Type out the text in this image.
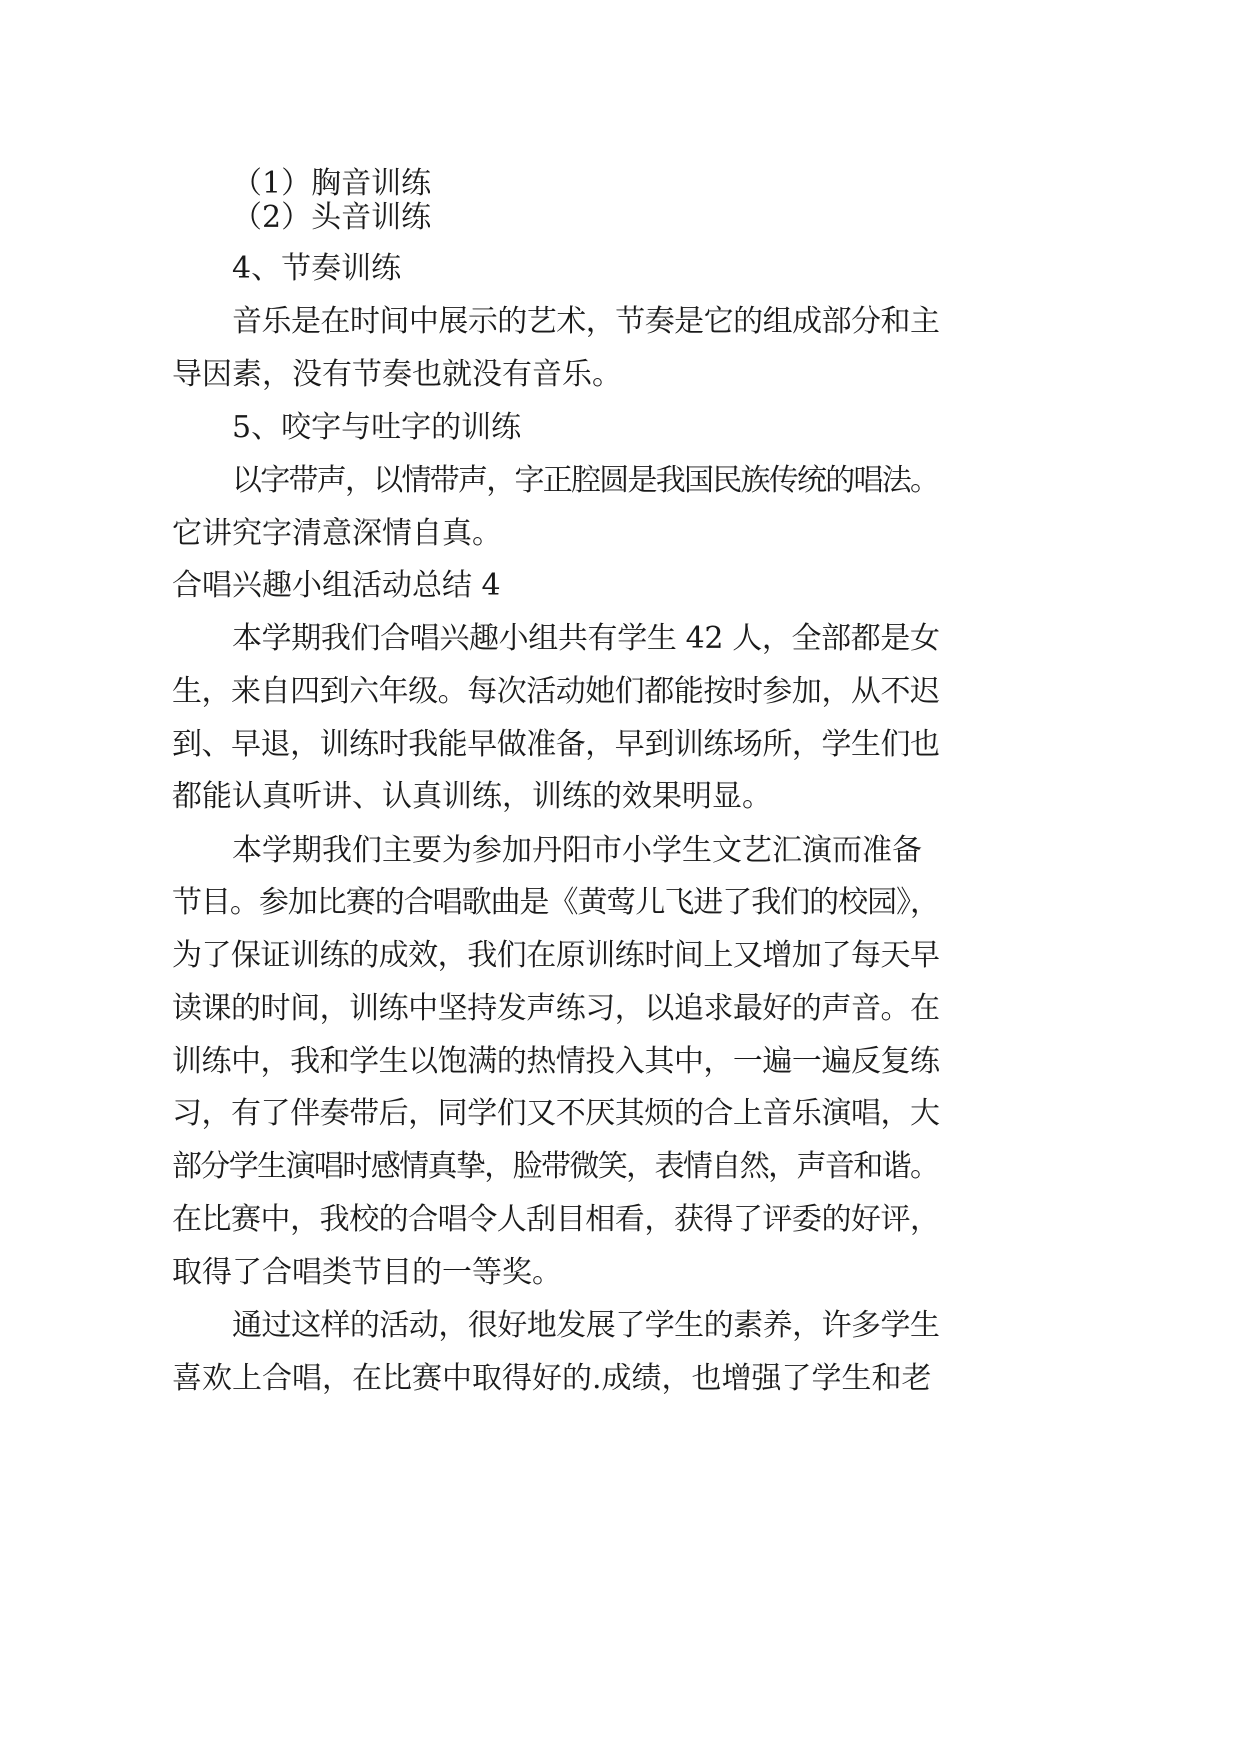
（1）胸音训练
（2）头音训练
4、节奏训练
音乐是在时间中展示的艺术，节奏是它的组成部分和主
导因素，没有节奏也就没有音乐。
5、咬字与吐字的训练
以字带声，以情带声，字正腔圆是我国民族传统的唱法。
它讲究字清意深情自真。
合唱兴趣小组活动总结 4
本学期我们合唱兴趣小组共有学生 42 人，全部都是女
生，来自四到六年级。每次活动她们都能按时参加，从不迟
到、早退，训练时我能早做准备，早到训练场所，学生们也
都能认真听讲、认真训练，训练的效果明显。
本学期我们主要为参加丹阳市小学生文艺汇演而准备
节目。参加比赛的合唱歌曲是《黄莺儿飞进了我们的校园》，
为了保证训练的成效，我们在原训练时间上又增加了每天早
读课的时间，训练中坚持发声练习，以追求最好的声音。在
训练中，我和学生以饱满的热情投入其中，一遍一遍反复练
习，有了伴奏带后，同学们又不厌其烦的合上音乐演唱，大
部分学生演唱时感情真挚，脸带微笑，表情自然，声音和谐。
在比赛中，我校的合唱令人刮目相看，获得了评委的好评，
取得了合唱类节目的一等奖。
通过这样的活动，很好地发展了学生的素养，许多学生
喜欢上合唱，在比赛中取得好的.成绩，也增强了学生和老
